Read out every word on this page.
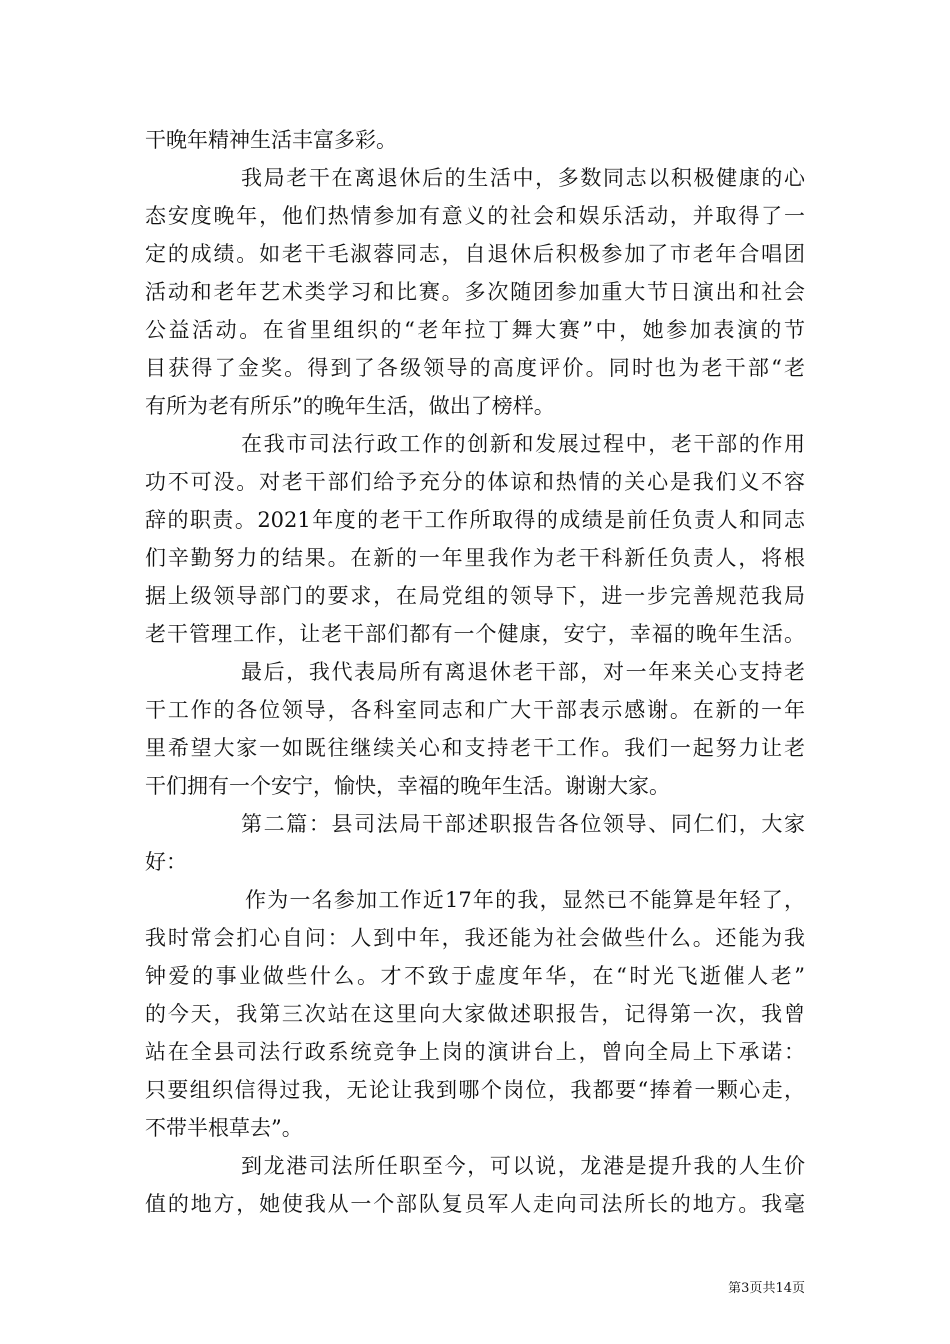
干晚年精神生活丰富多彩。
我局老干在离退休后的生活中，多数同志以积极健康的心
态安度晚年，他们热情参加有意义的社会和娱乐活动，并取得了一
定的成绩。如老干毛淑蓉同志，自退休后积极参加了市老年合唱团
活动和老年艺术类学习和比赛。多次随团参加重大节日演出和社会
公益活动。在省里组织的“老年拉丁舞大赛”中，她参加表演的节
目获得了金奖。得到了各级领导的高度评价。同时也为老干部“老
有所为老有所乐”的晚年生活，做出了榜样。
在我市司法行政工作的创新和发展过程中，老干部的作用
功不可没。对老干部们给予充分的体谅和热情的关心是我们义不容
辞的职责。2021年度的老干工作所取得的成绩是前任负责人和同志
们辛勤努力的结果。在新的一年里我作为老干科新任负责人，将根
据上级领导部门的要求，在局党组的领导下，进一步完善规范我局
老干管理工作，让老干部们都有一个健康，安宁，幸福的晚年生活。
最后，我代表局所有离退休老干部，对一年来关心支持老
干工作的各位领导，各科室同志和广大干部表示感谢。在新的一年
里希望大家一如既往继续关心和支持老干工作。我们一起努力让老
干们拥有一个安宁，愉快，幸福的晚年生活。谢谢大家。
第二篇：县司法局干部述职报告各位领导、同仁们，大家
好：
作为一名参加工作近17年的我，显然已不能算是年轻了，
我时常会扪心自问：人到中年，我还能为社会做些什么。还能为我
钟爱的事业做些什么。才不致于虚度年华，在“时光飞逝催人老”
的今天，我第三次站在这里向大家做述职报告，记得第一次，我曾
站在全县司法行政系统竞争上岗的演讲台上，曾向全局上下承诺：
只要组织信得过我，无论让我到哪个岗位，我都要“捧着一颗心走，
不带半根草去”。
到龙港司法所任职至今，可以说，龙港是提升我的人生价
值的地方，她使我从一个部队复员军人走向司法所长的地方。我毫
第3页共14页
